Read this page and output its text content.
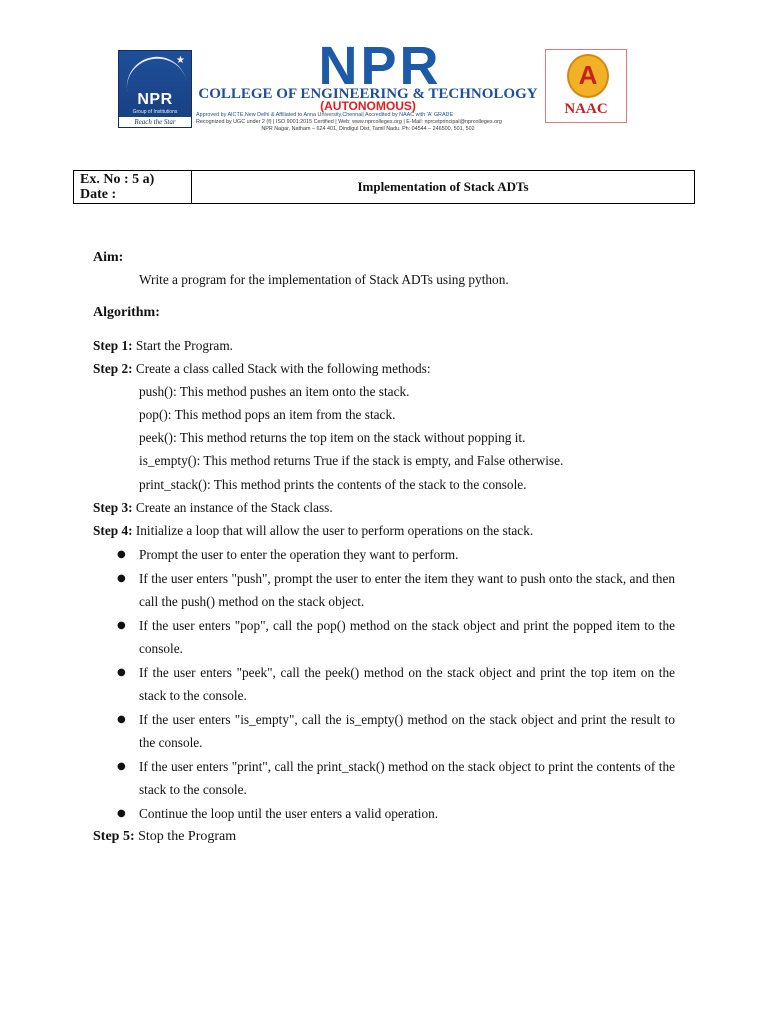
★
NPR
Group of Institutions
Reach the Star
NPR
COLLEGE OF ENGINEERING & TECHNOLOGY
(AUTONOMOUS)
Approved by AICTE,New Delhi & Affiliated to Anna University,Chennai| Accredited by NAAC with 'A' GRADE
Recognized by UGC under 2 (f) | ISO 9001:2015 Certified | Web: www.nprcolleges.org | E-Mail: nprcetprincipal@nprcolleges.org
NPR Nagar, Natham – 624 401, Dindigul Dist, Tamil Nadu. Ph: 04544 – 246500, 501, 502
A
NAAC
Ex. No : 5 a)
Date :
Implementation of Stack ADTs
Aim:
Write a program for the implementation of Stack ADTs using python.
Algorithm:
Step 1: Start the Program.
Step 2: Create a class called Stack with the following methods:
push(): This method pushes an item onto the stack.
pop(): This method pops an item from the stack.
peek(): This method returns the top item on the stack without popping it.
is_empty(): This method returns True if the stack is empty, and False otherwise.
print_stack(): This method prints the contents of the stack to the console.
Step 3: Create an instance of the Stack class.
Step 4: Initialize a loop that will allow the user to perform operations on the stack.
● Prompt the user to enter the operation they want to perform.
● If the user enters "push", prompt the user to enter the item they want to push onto the stack, and then call the push() method on the stack object.
● If the user enters "pop", call the pop() method on the stack object and print the popped item to the console.
● If the user enters "peek", call the peek() method on the stack object and print the top item on the stack to the console.
● If the user enters "is_empty", call the is_empty() method on the stack object and print the result to the console.
● If the user enters "print", call the print_stack() method on the stack object to print the contents of the stack to the console.
● Continue the loop until the user enters a valid operation.
Step 5: Stop the Program
